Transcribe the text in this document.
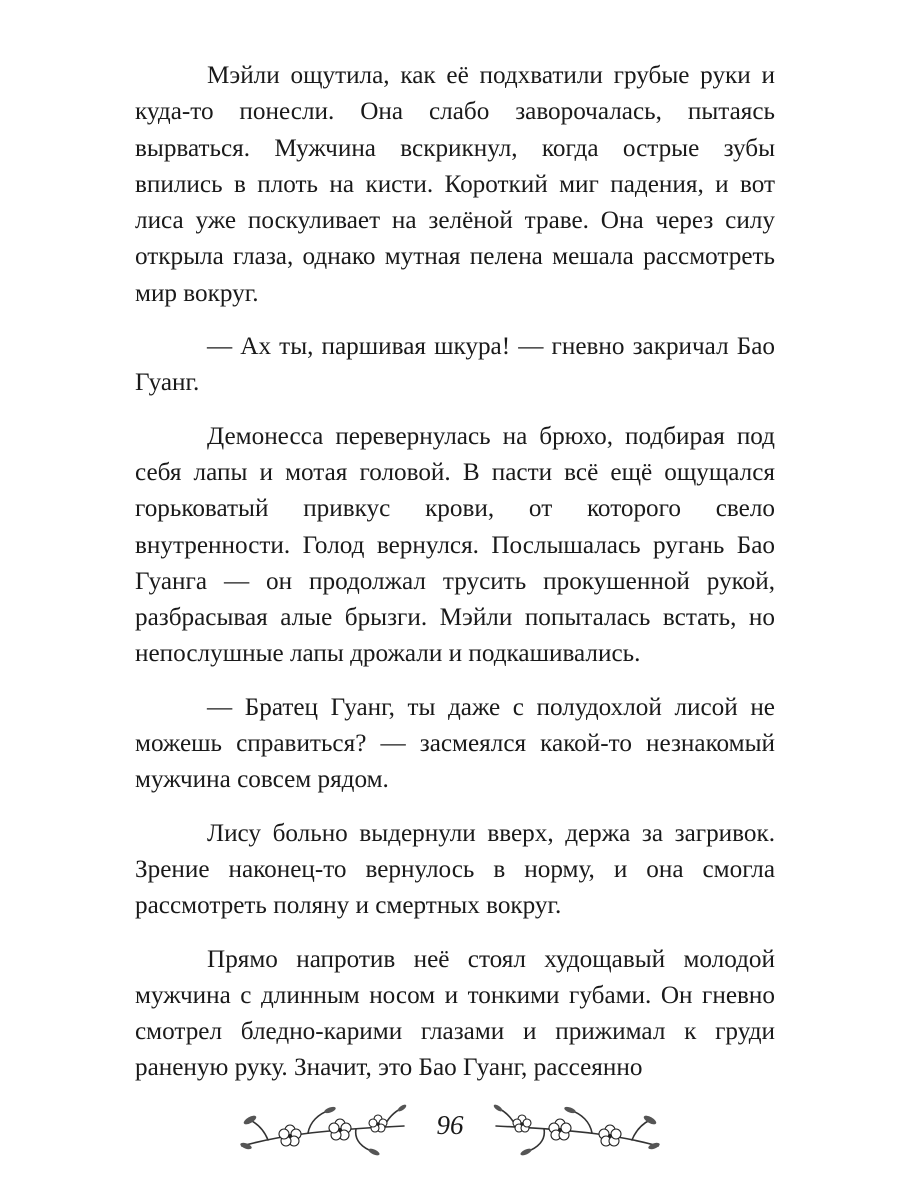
Мэйли ощутила, как её подхватили грубые руки и куда-то понесли. Она слабо заворочалась, пытаясь вырваться. Мужчина вскрикнул, когда острые зубы впились в плоть на кисти. Короткий миг падения, и вот лиса уже поскуливает на зелёной траве. Она через силу открыла глаза, однако мутная пелена мешала рассмотреть мир вокруг.

— Ах ты, паршивая шкура! — гневно закричал Бао Гуанг.

Демонесса перевернулась на брюхо, подбирая под себя лапы и мотая головой. В пасти всё ещё ощущался горьковатый привкус крови, от которого свело внутренности. Голод вернулся. Послышалась ругань Бао Гуанга — он продолжал трусить прокушенной рукой, разбрасывая алые брызги. Мэйли попыталась встать, но непослушные лапы дрожали и подкашивались.

— Братец Гуанг, ты даже с полудохлой лисой не можешь справиться? — засмеялся какой-то незнакомый мужчина совсем рядом.

Лису больно выдернули вверх, держа за загривок. Зрение наконец-то вернулось в норму, и она смогла рассмотреть поляну и смертных вокруг.

Прямо напротив неё стоял худощавый молодой мужчина с длинным носом и тонкими губами. Он гневно смотрел бледно-карими глазами и прижимал к груди раненую руку. Значит, это Бао Гуанг, рассеянно

96
